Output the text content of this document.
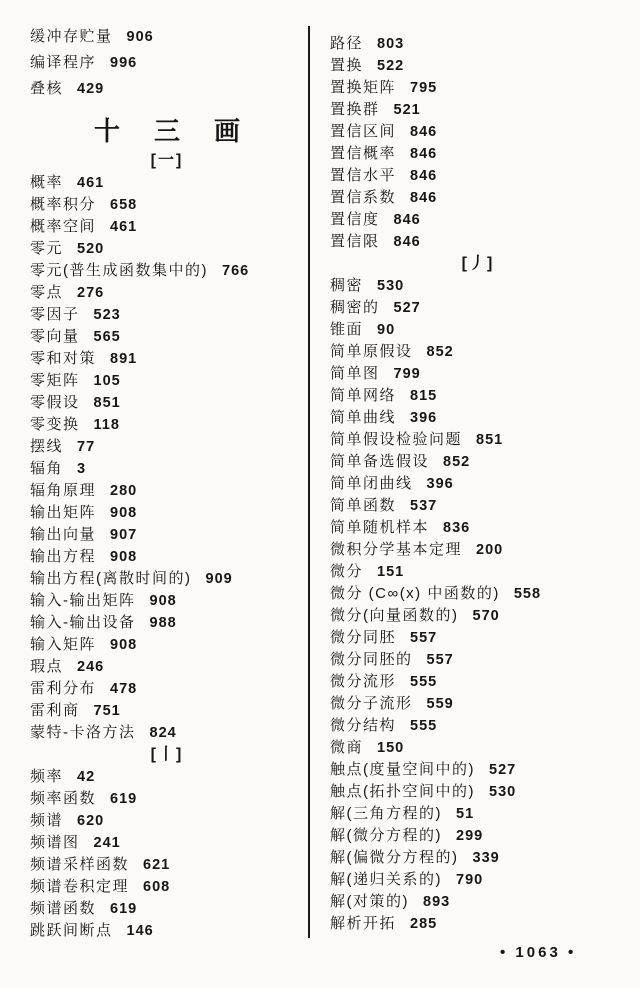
缓冲存贮量 906
编译程序 996
叠核 429
十 三 画
[一]
概率 461
概率积分 658
概率空间 461
零元 520
零元(普生成函数集中的) 766
零点 276
零因子 523
零向量 565
零和对策 891
零矩阵 105
零假设 851
零变换 118
摆线 77
辐角 3
辐角原理 280
输出矩阵 908
输出向量 907
输出方程 908
输出方程(离散时间的) 909
输入-输出矩阵 908
输入-输出设备 988
输入矩阵 908
瑕点 246
雷利分布 478
雷利商 751
蒙特-卡洛方法 824
[丨]
频率 42
频率函数 619
频谱 620
频谱图 241
频谱采样函数 621
频谱卷积定理 608
频谱函数 619
跳跃间断点 146
路径 803
置换 522
置换矩阵 795
置换群 521
置信区间 846
置信概率 846
置信水平 846
置信系数 846
置信度 846
置信限 846
[丿]
稠密 530
稠密的 527
锥面 90
简单原假设 852
简单图 799
简单网络 815
简单曲线 396
简单假设检验问题 851
简单备选假设 852
简单闭曲线 396
简单函数 537
简单随机样本 836
微积分学基本定理 200
微分 151
微分 (C∞(x) 中函数的) 558
微分(向量函数的) 570
微分同胚 557
微分同胚的 557
微分流形 555
微分子流形 559
微分结构 555
微商 150
触点(度量空间中的) 527
触点(拓扑空间中的) 530
解(三角方程的) 51
解(微分方程的) 299
解(偏微分方程的) 339
解(递归关系的) 790
解(对策的) 893
解析开拓 285
• 1063 •
